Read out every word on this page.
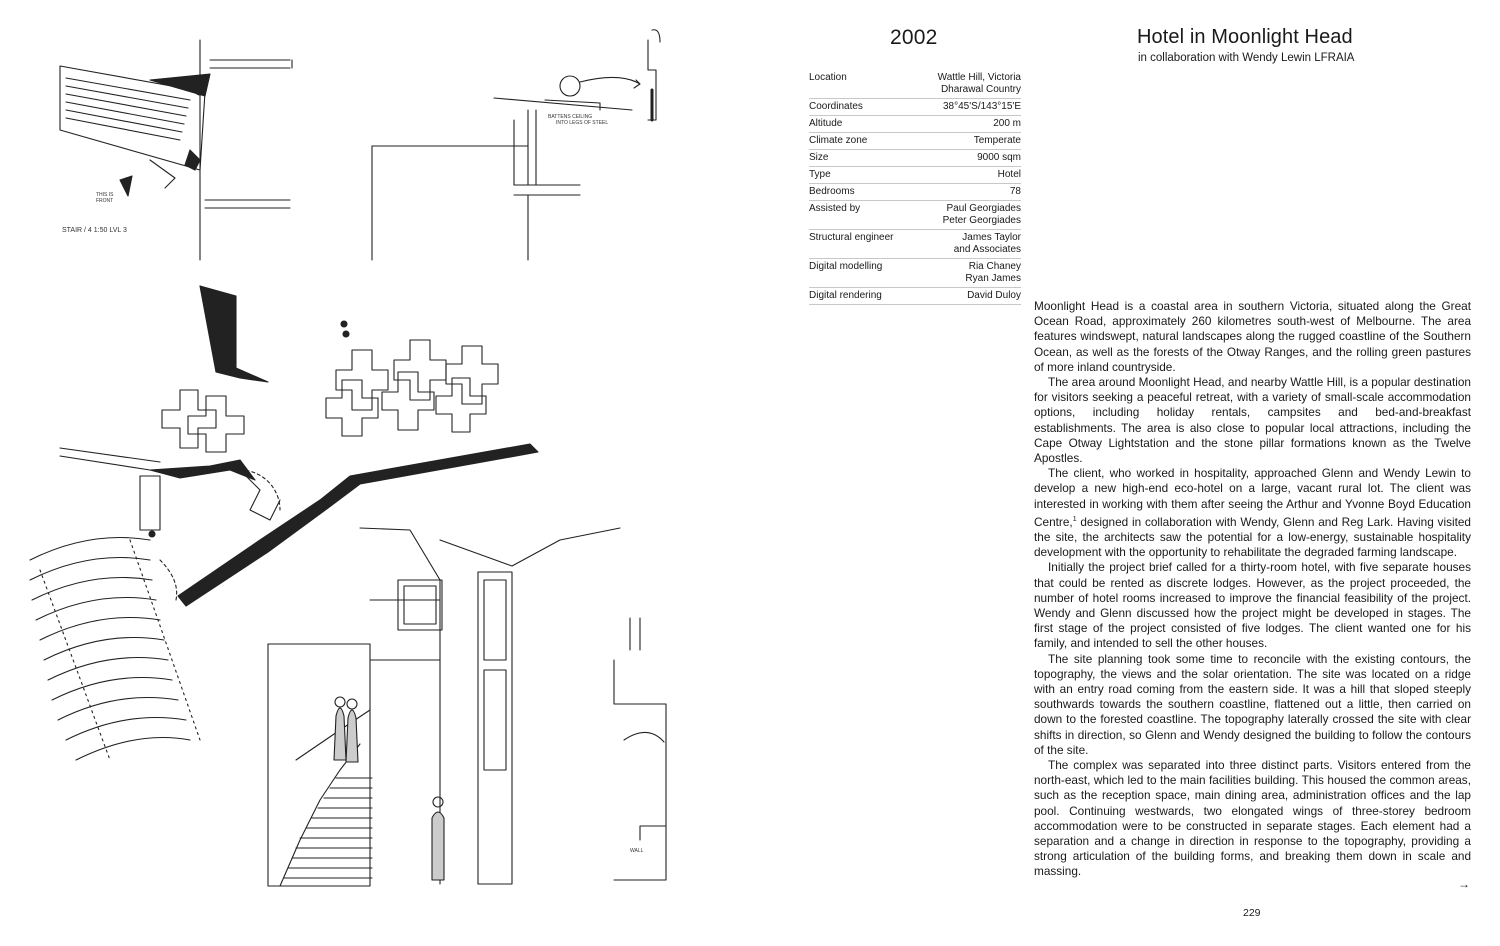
STAIR / 4 1:50 LVL 3
THIS IS
FRONT
BATTENS CEILING
INTO LEGS OF STEEL
WALL
2002	Hotel in Moonlight Head
in collaboration with Wendy Lewin LFRAIA
Location	Wattle Hill, Victoria
Dharawal Country
Coordinates	38°45'S/143°15'E
Altitude	200 m
Climate zone	Temperate
Size	9000 sqm
Type	Hotel
Bedrooms	78
Assisted by	Paul Georgiades
Peter Georgiades
Structural engineer	James Taylor
and Associates
Digital modelling	Ria Chaney
Ryan James
Digital rendering	David Duloy

Moonlight Head is a coastal area in southern Victoria, situated along the Great Ocean Road, approximately 260 kilometres south-west of Melbourne. The area features windswept, natural landscapes along the rugged coastline of the Southern Ocean, as well as the forests of the Otway Ranges, and the rolling green pastures of more inland countryside.

The area around Moonlight Head, and nearby Wattle Hill, is a popular destination for visitors seeking a peaceful retreat, with a variety of small-scale accommodation options, including holiday rentals, campsites and bed-and-breakfast establishments. The area is also close to popular local attractions, including the Cape Otway Lightstation and the stone pillar formations known as the Twelve Apostles.

The client, who worked in hospitality, approached Glenn and Wendy Lewin to develop a new high-end eco-hotel on a large, vacant rural lot. The client was interested in working with them after seeing the Arthur and Yvonne Boyd Education Centre,$^1$ designed in collaboration with Wendy, Glenn and Reg Lark. Having visited the site, the architects saw the potential for a low-energy, sustainable hospitality development with the opportunity to rehabilitate the degraded farming landscape.

Initially the project brief called for a thirty-room hotel, with five separate houses that could be rented as discrete lodges. However, as the project proceeded, the number of hotel rooms increased to improve the financial feasibility of the project. Wendy and Glenn discussed how the project might be developed in stages. The first stage of the project consisted of five lodges. The client wanted one for his family, and intended to sell the other houses.

The site planning took some time to reconcile with the existing contours, the topography, the views and the solar orientation. The site was located on a ridge with an entry road coming from the eastern side. It was a hill that sloped steeply southwards towards the southern coastline, flattened out a little, then carried on down to the forested coastline. The topography laterally crossed the site with clear shifts in direction, so Glenn and Wendy designed the building to follow the contours of the site.

The complex was separated into three distinct parts. Visitors entered from the north-east, which led to the main facilities building. This housed the common areas, such as the reception space, main dining area, administration offices and the lap pool. Continuing westwards, two elongated wings of three-storey bedroom accommodation were to be constructed in separate stages. Each element had a separation and a change in direction in response to the topography, providing a strong articulation of the building forms, and breaking them down in scale and massing.

→
229
